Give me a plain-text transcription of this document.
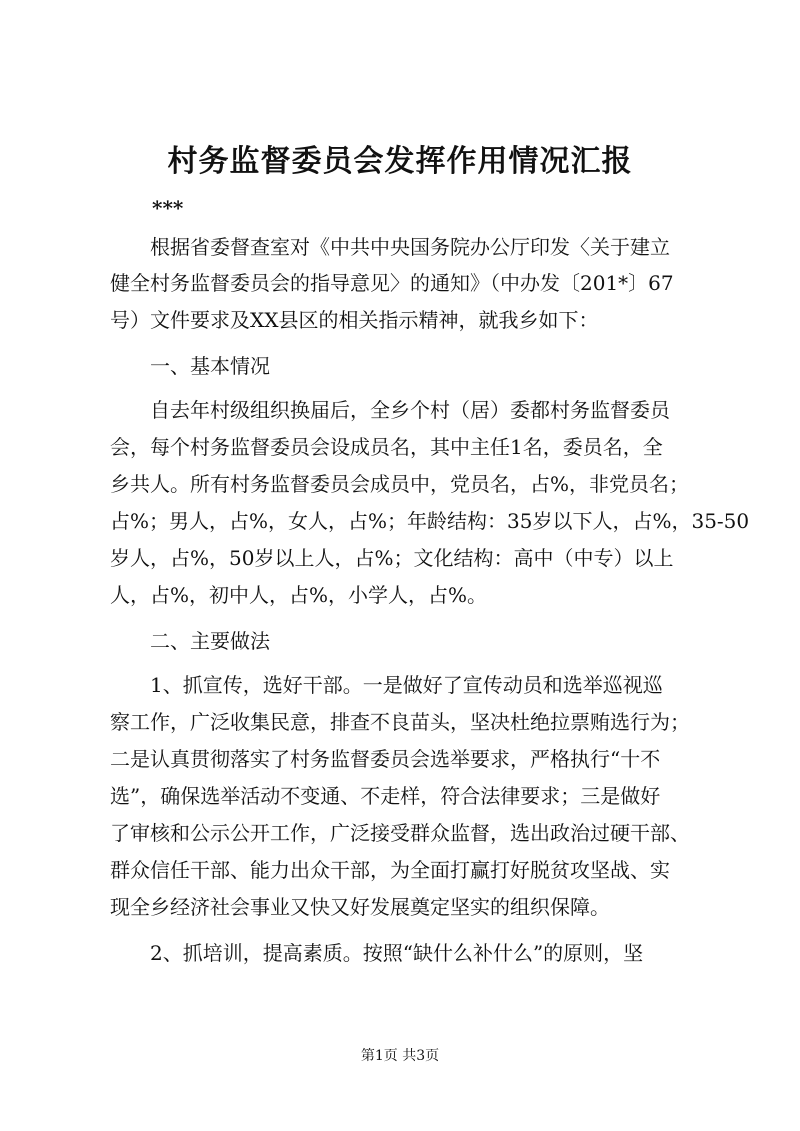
村务监督委员会发挥作用情况汇报
***
根据省委督查室对《中共中央国务院办公厅印发〈关于建立
健全村务监督委员会的指导意见〉的通知》（中办发〔201*〕67
号）文件要求及XX县区的相关指示精神，就我乡如下：
一、基本情况
自去年村级组织换届后，全乡个村（居）委都村务监督委员
会，每个村务监督委员会设成员名，其中主任1名，委员名，全
乡共人。所有村务监督委员会成员中，党员名，占%，非党员名；
占%；男人，占%，女人，占%；年龄结构：35岁以下人，占%，35-50
岁人，占%，50岁以上人，占%；文化结构：高中（中专）以上
人，占%，初中人，占%，小学人，占%。
二、主要做法
1、抓宣传，选好干部。一是做好了宣传动员和选举巡视巡
察工作，广泛收集民意，排查不良苗头，坚决杜绝拉票贿选行为；
二是认真贯彻落实了村务监督委员会选举要求，严格执行“十不
选”，确保选举活动不变通、不走样，符合法律要求；三是做好
了审核和公示公开工作，广泛接受群众监督，选出政治过硬干部、
群众信任干部、能力出众干部，为全面打赢打好脱贫攻坚战、实
现全乡经济社会事业又快又好发展奠定坚实的组织保障。
2、抓培训，提高素质。按照“缺什么补什么”的原则，坚
第1页 共3页
